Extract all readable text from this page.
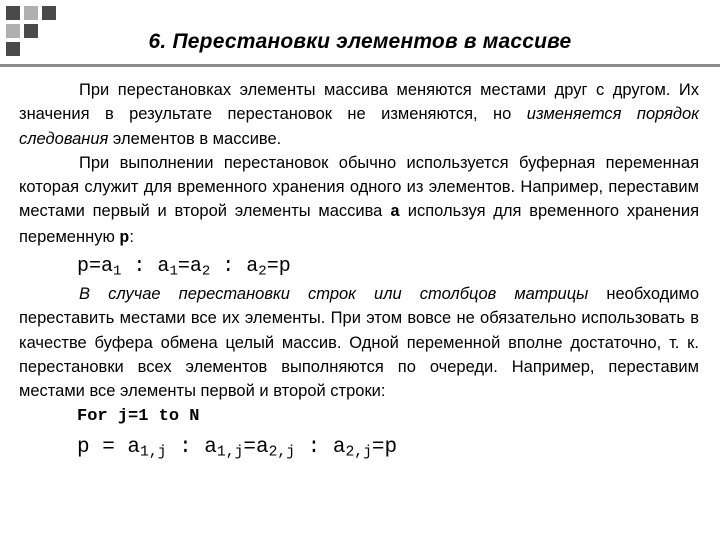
6. Перестановки элементов в массиве

При перестановках элементы массива меняются местами друг с другом. Их значения в результате перестановок не изменяются, но изменяется порядок следования элементов в массиве.

При выполнении перестановок обычно используется буферная переменная которая служит для временного хранения одного из элементов. Например, переставим местами первый и второй элементы массива a используя для временного хранения переменную p:

$p=a_1$ : $a_1=a_2$ : $a_2=p$

В случае перестановки строк или столбцов матрицы необходимо переставить местами все их элементы. При этом вовсе не обязательно использовать в качестве буфера обмена целый массив. Одной переменной вполне достаточно, т. к. перестановки всех элементов выполняются по очереди. Например, переставим местами все элементы первой и второй строки:

For j=1 to N
$p = a_{1,j}$ : $a_{1,j}=a_{2,j}$ : $a_{2,j}=p$
